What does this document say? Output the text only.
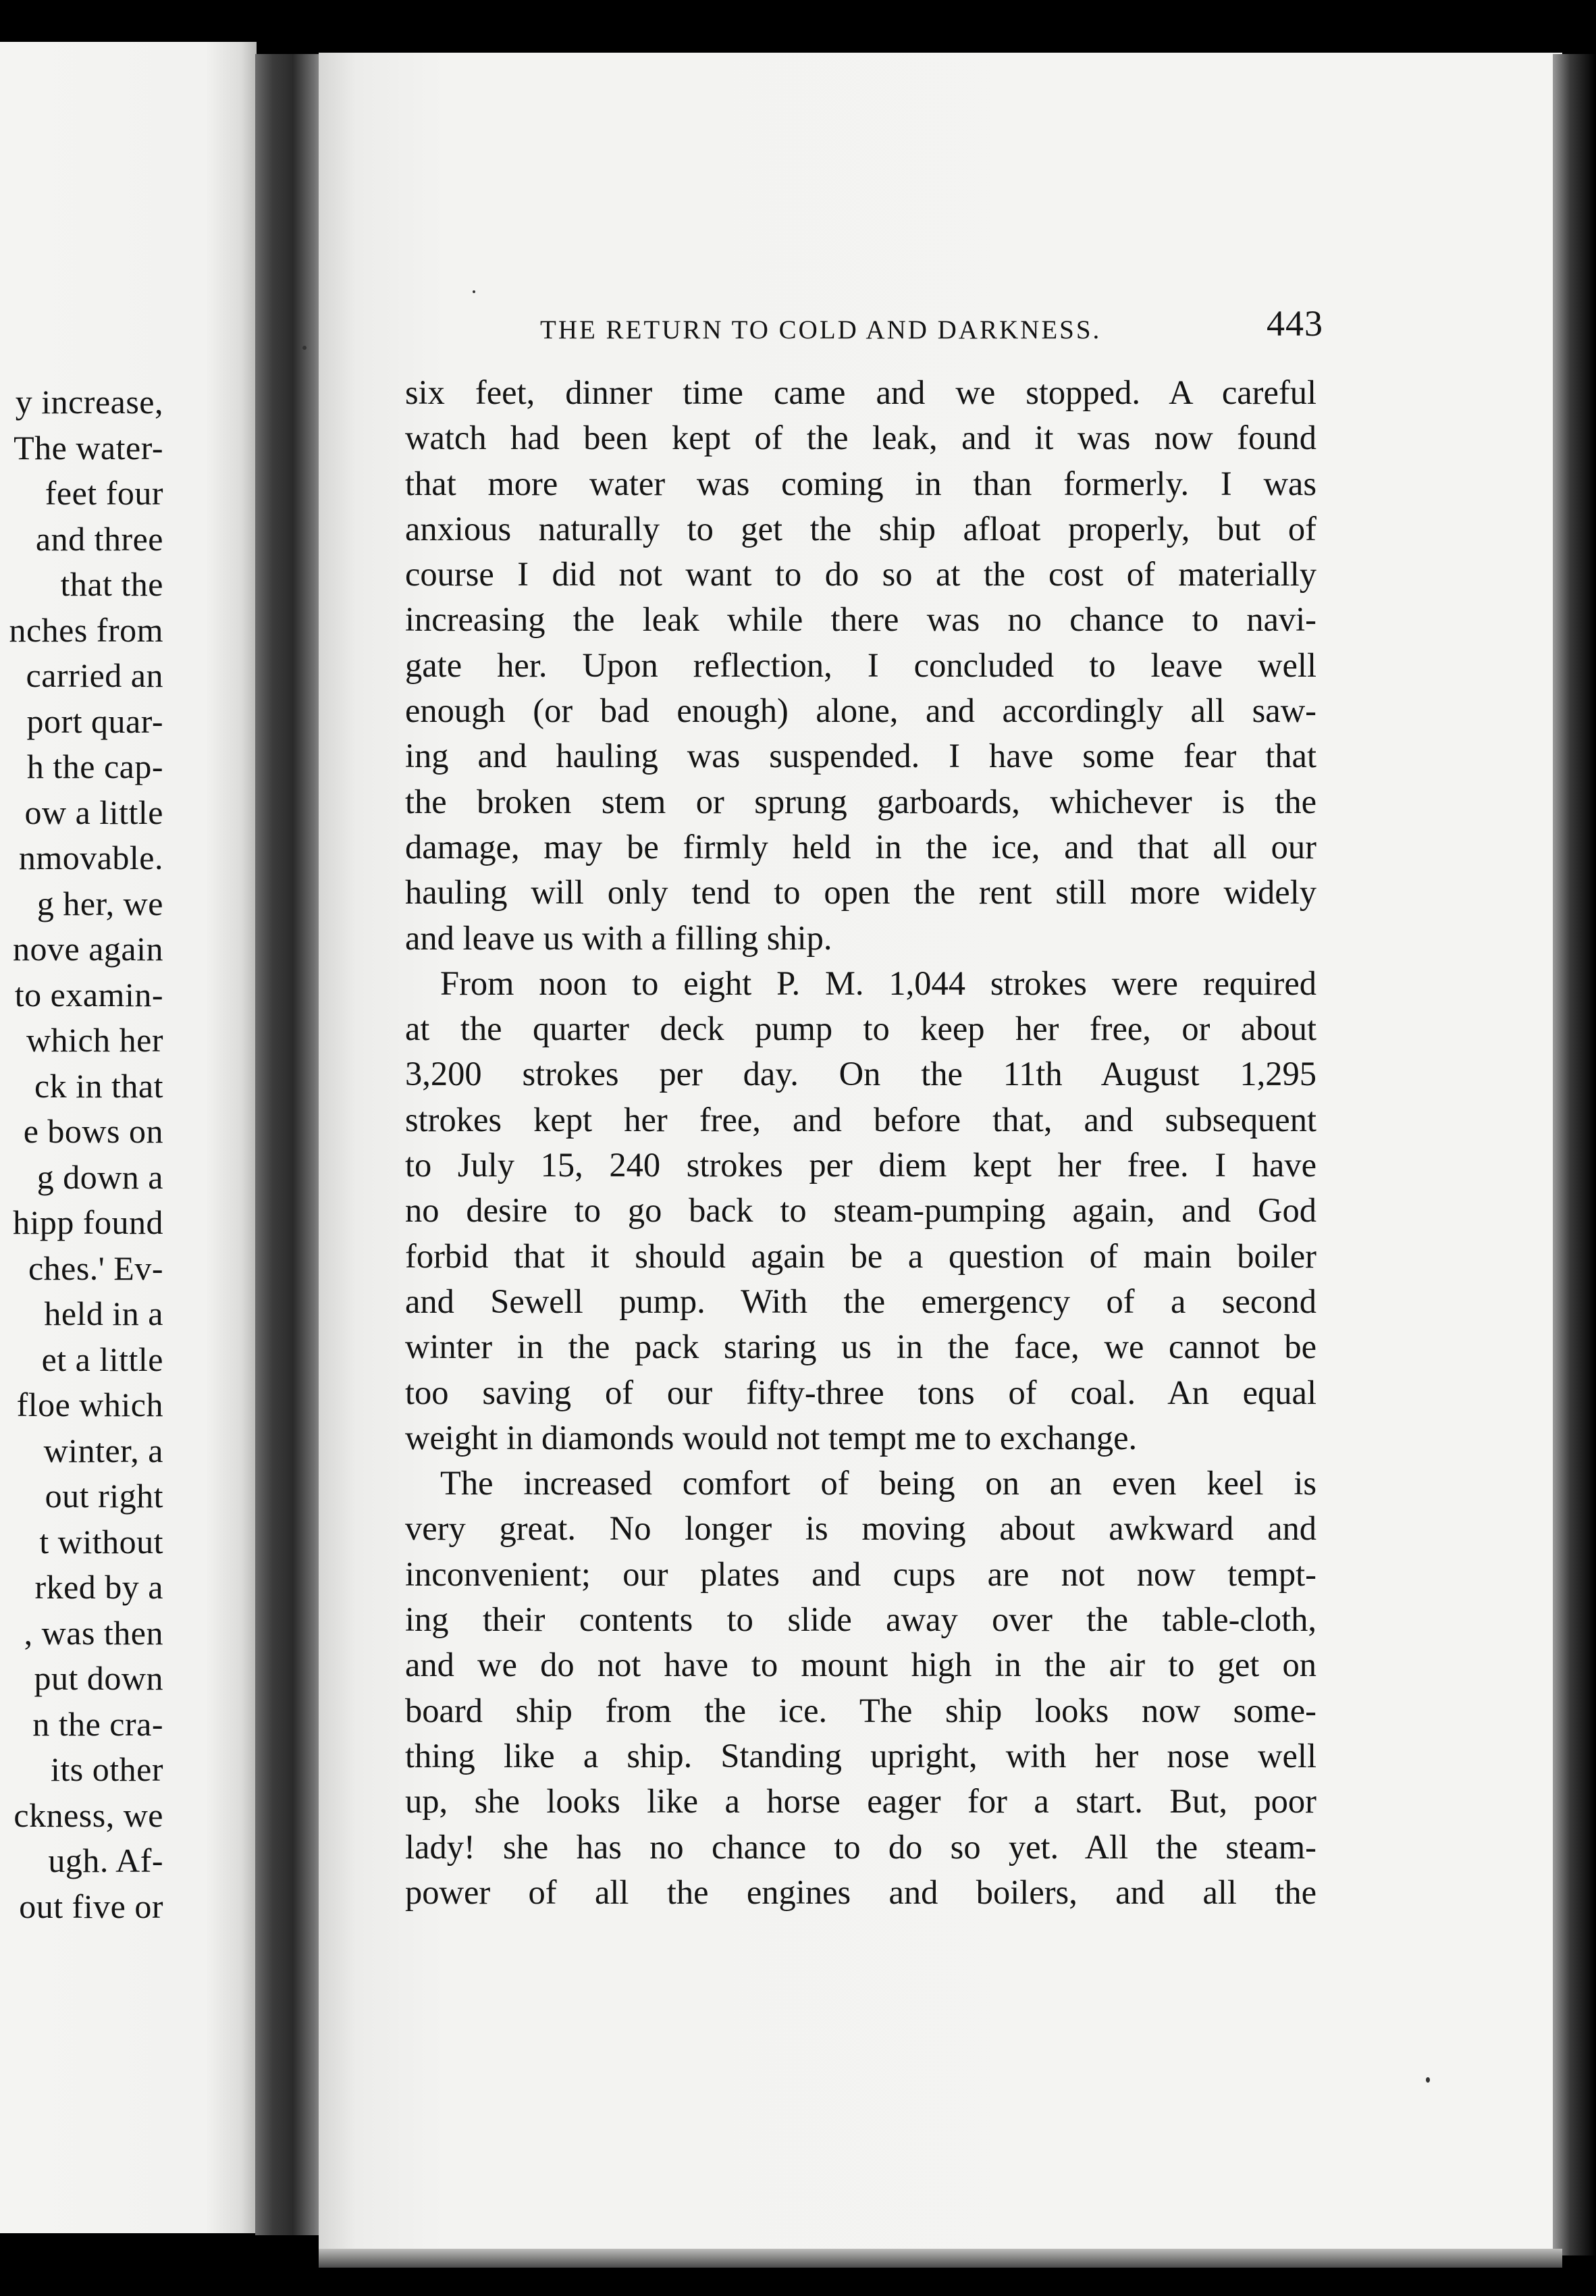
y increase,
The water-
feet four
and three
that the
nches from
carried an
port quar-
h the cap-
ow a little
nmovable.
g her, we
nove again
to examin-
which her
ck in that
e bows on
g down a
hipp found
ches.' Ev-
held in a
et a little
floe which
winter, a
out right
t without
rked by a
, was then
put down
n the cra-
its other
ckness, we
ugh. Af-
out five or
THE RETURN TO COLD AND DARKNESS.	443
six feet, dinner time came and we stopped. A careful
watch had been kept of the leak, and it was now found
that more water was coming in than formerly. I was
anxious naturally to get the ship afloat properly, but of
course I did not want to do so at the cost of materially
increasing the leak while there was no chance to navi-
gate her. Upon reflection, I concluded to leave well
enough (or bad enough) alone, and accordingly all saw-
ing and hauling was suspended. I have some fear that
the broken stem or sprung garboards, whichever is the
damage, may be firmly held in the ice, and that all our
hauling will only tend to open the rent still more widely
and leave us with a filling ship.
From noon to eight P. M. 1,044 strokes were required
at the quarter deck pump to keep her free, or about
3,200 strokes per day. On the 11th August 1,295
strokes kept her free, and before that, and subsequent
to July 15, 240 strokes per diem kept her free. I have
no desire to go back to steam-pumping again, and God
forbid that it should again be a question of main boiler
and Sewell pump. With the emergency of a second
winter in the pack staring us in the face, we cannot be
too saving of our fifty-three tons of coal. An equal
weight in diamonds would not tempt me to exchange.
The increased comfort of being on an even keel is
very great. No longer is moving about awkward and
inconvenient; our plates and cups are not now tempt-
ing their contents to slide away over the table-cloth,
and we do not have to mount high in the air to get on
board ship from the ice. The ship looks now some-
thing like a ship. Standing upright, with her nose well
up, she looks like a horse eager for a start. But, poor
lady! she has no chance to do so yet. All the steam-
power of all the engines and boilers, and all the
